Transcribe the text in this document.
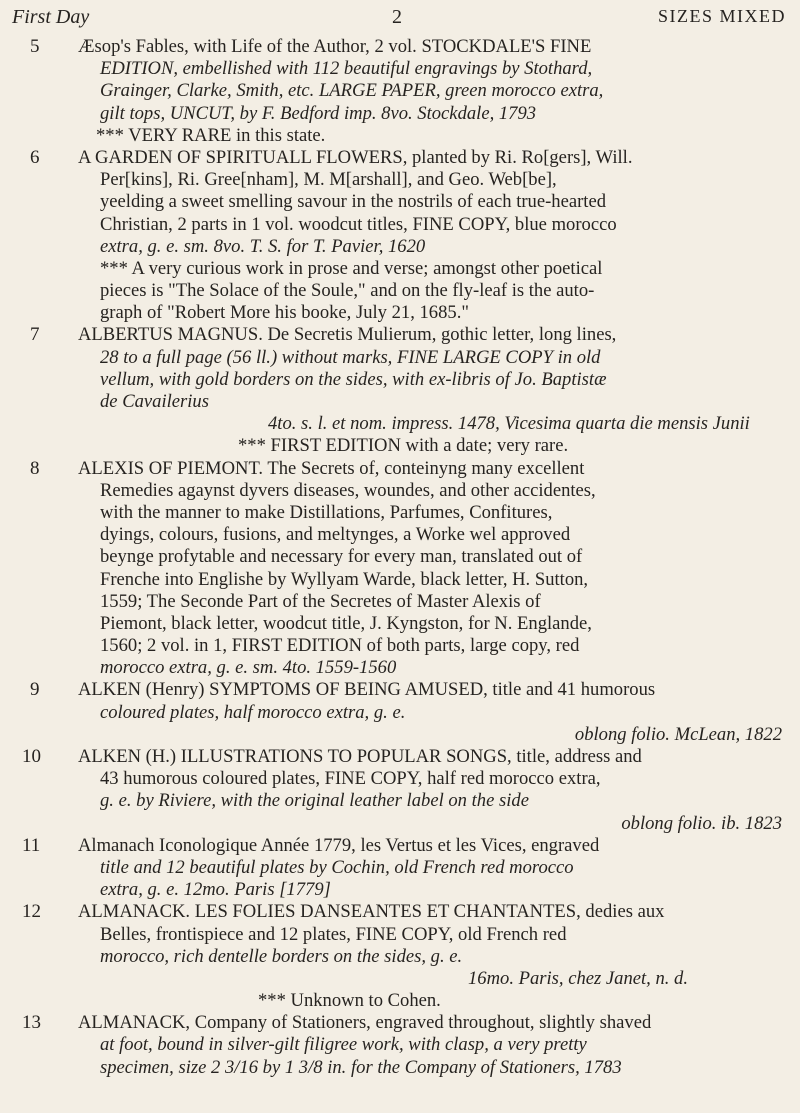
First Day	2	SIZES MIXED
5	Æsop's Fables, with Life of the Author, 2 vol. STOCKDALE'S FINE
EDITION, embellished with 112 beautiful engravings by Stothard,
Grainger, Clarke, Smith, etc. LARGE PAPER, green morocco extra,
gilt tops, UNCUT, by F. Bedford imp. 8vo. Stockdale, 1793
*** VERY RARE in this state.
6	A GARDEN OF SPIRITUALL FLOWERS, planted by Ri. Ro[gers], Will.
Per[kins], Ri. Gree[nham], M. M[arshall], and Geo. Web[be],
yeelding a sweet smelling savour in the nostrils of each true-hearted
Christian, 2 parts in 1 vol. woodcut titles, FINE COPY, blue morocco
extra, g. e. sm. 8vo. T. S. for T. Pavier, 1620
*** A very curious work in prose and verse; amongst other poetical
pieces is "The Solace of the Soule," and on the fly-leaf is the auto-
graph of "Robert More his booke, July 21, 1685."
7	ALBERTUS MAGNUS. De Secretis Mulierum, gothic letter, long lines,
28 to a full page (56 ll.) without marks, FINE LARGE COPY in old
vellum, with gold borders on the sides, with ex-libris of Jo. Baptistæ
de Cavailerius
4to. s. l. et nom. impress. 1478, Vicesima quarta die mensis Junii
*** FIRST EDITION with a date; very rare.
8	ALEXIS OF PIEMONT. The Secrets of, conteinyng many excellent
Remedies agaynst dyvers diseases, woundes, and other accidentes,
with the manner to make Distillations, Parfumes, Confitures,
dyings, colours, fusions, and meltynges, a Worke wel approved
beynge profytable and necessary for every man, translated out of
Frenche into Englishe by Wyllyam Warde, black letter, H. Sutton,
1559; The Seconde Part of the Secretes of Master Alexis of
Piemont, black letter, woodcut title, J. Kyngston, for N. Englande,
1560; 2 vol. in 1, FIRST EDITION of both parts, large copy, red
morocco extra, g. e. sm. 4to. 1559-1560
9	ALKEN (Henry) SYMPTOMS OF BEING AMUSED, title and 41 humorous
coloured plates, half morocco extra, g. e.
oblong folio. McLean, 1822
10	ALKEN (H.) ILLUSTRATIONS TO POPULAR SONGS, title, address and
43 humorous coloured plates, FINE COPY, half red morocco extra,
g. e. by Riviere, with the original leather label on the side
oblong folio. ib. 1823
11	Almanach Iconologique Année 1779, les Vertus et les Vices, engraved
title and 12 beautiful plates by Cochin, old French red morocco
extra, g. e. 12mo. Paris [1779]
12	ALMANACK. LES FOLIES DANSEANTES ET CHANTANTES, dedies aux
Belles, frontispiece and 12 plates, FINE COPY, old French red
morocco, rich dentelle borders on the sides, g. e.
16mo. Paris, chez Janet, n. d.
*** Unknown to Cohen.
13	ALMANACK, Company of Stationers, engraved throughout, slightly shaved
at foot, bound in silver-gilt filigree work, with clasp, a very pretty
specimen, size 2 3/16 by 1 3/8 in. for the Company of Stationers, 1783
